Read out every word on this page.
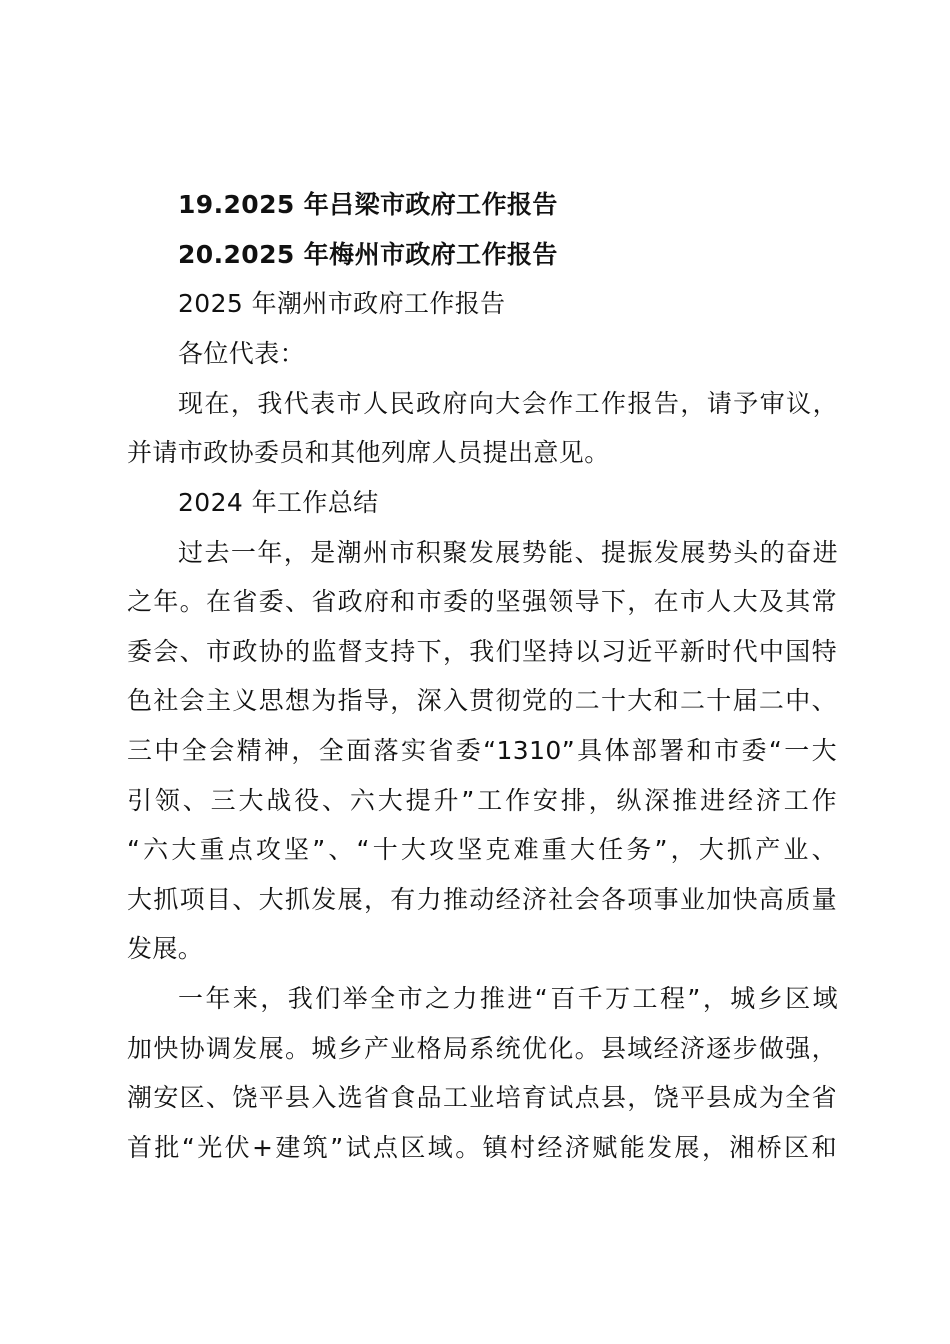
19.2025 年吕梁市政府工作报告
20.2025 年梅州市政府工作报告
2025 年潮州市政府工作报告
各位代表：
现在，我代表市人民政府向大会作工作报告，请予审议，
并请市政协委员和其他列席人员提出意见。
2024 年工作总结
过去一年，是潮州市积聚发展势能、提振发展势头的奋进
之年。在省委、省政府和市委的坚强领导下，在市人大及其常
委会、市政协的监督支持下，我们坚持以习近平新时代中国特
色社会主义思想为指导，深入贯彻党的二十大和二十届二中、
三中全会精神，全面落实省委“1310”具体部署和市委“一大
引领、三大战役、六大提升”工作安排，纵深推进经济工作
“六大重点攻坚”、“十大攻坚克难重大任务”，大抓产业、
大抓项目、大抓发展，有力推动经济社会各项事业加快高质量
发展。
一年来，我们举全市之力推进“百千万工程”，城乡区域
加快协调发展。城乡产业格局系统优化。县域经济逐步做强，
潮安区、饶平县入选省食品工业培育试点县，饶平县成为全省
首批“光伏+建筑”试点区域。镇村经济赋能发展，湘桥区和
